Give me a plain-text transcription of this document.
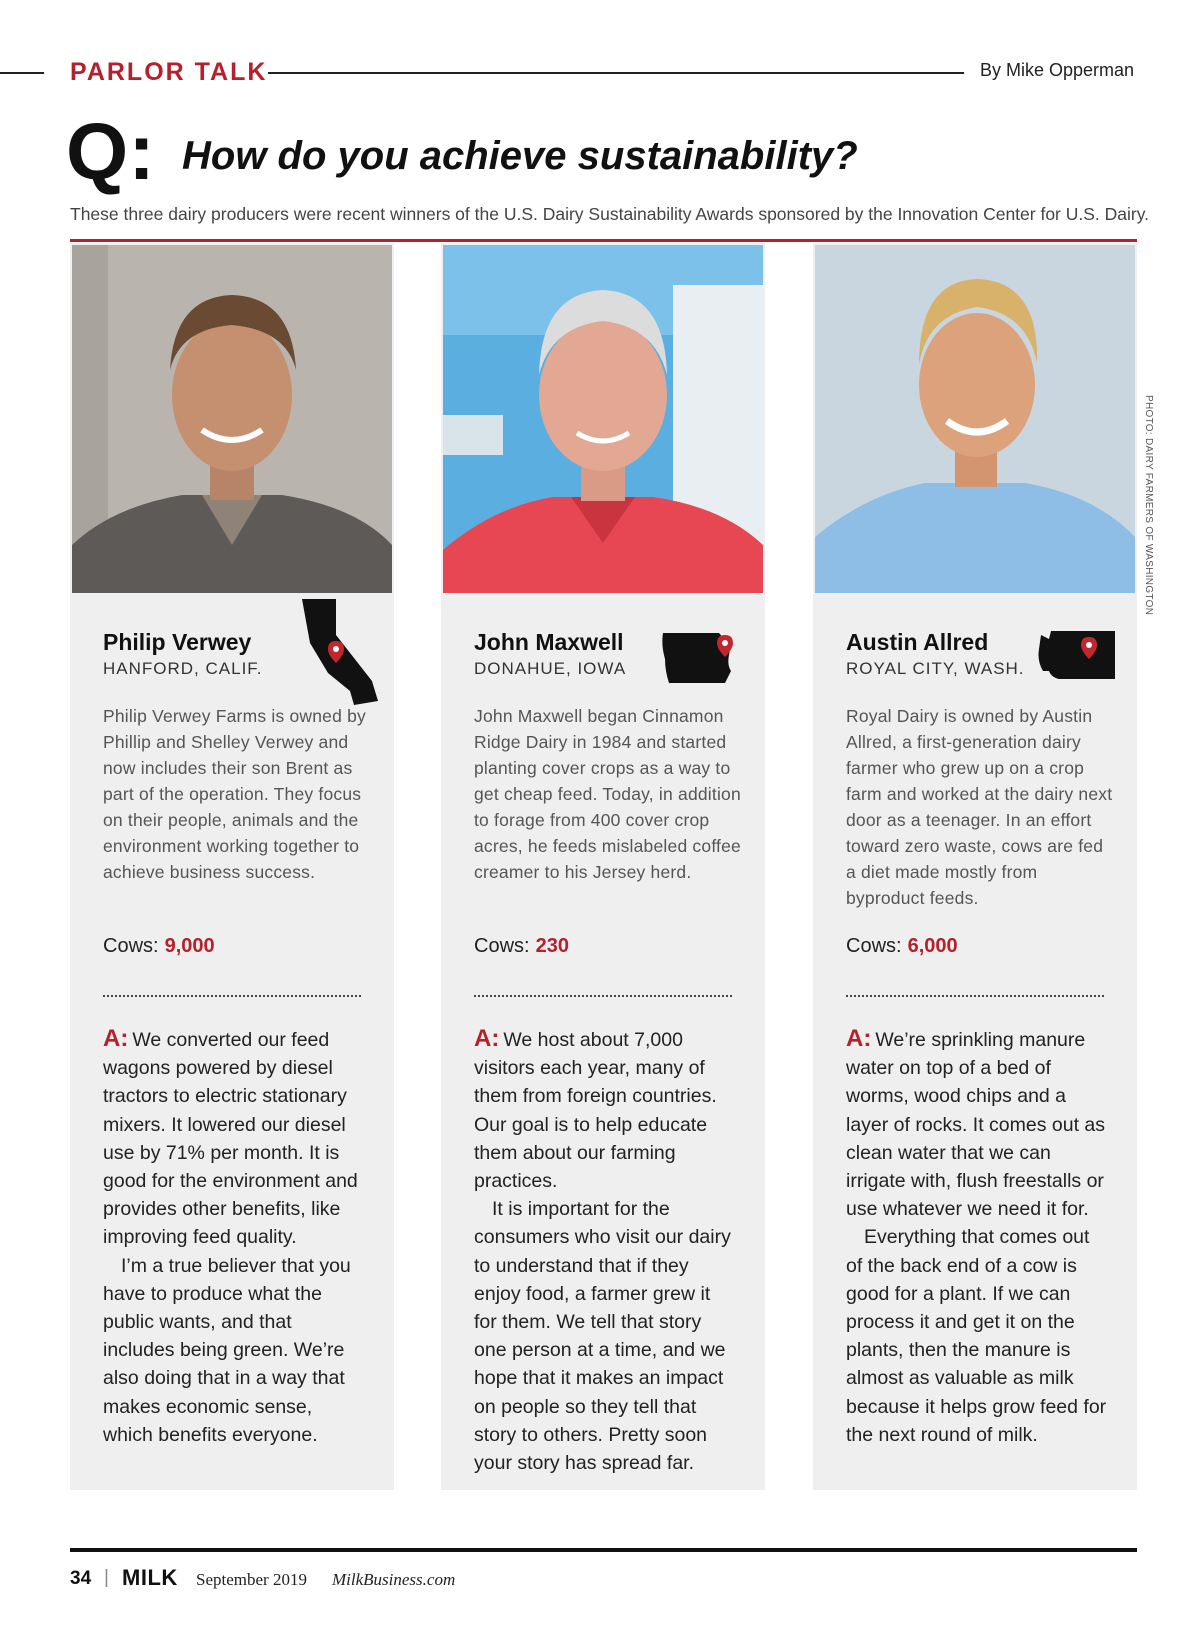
PARLOR TALK	By Mike Opperman
Q: How do you achieve sustainability?
These three dairy producers were recent winners of the U.S. Dairy Sustainability Awards sponsored by the Innovation Center for U.S. Dairy.
PHOTO: DAIRY FARMERS OF WASHINGTON
Philip Verwey
HANFORD, CALIF.
Philip Verwey Farms is owned by Phillip and Shelley Verwey and now includes their son Brent as part of the operation. They focus on their people, animals and the environment working together to achieve business success.
Cows: 9,000

A: We converted our feed wagons powered by diesel tractors to electric stationary mixers. It lowered our diesel use by 71% per month. It is good for the environment and provides other benefits, like improving feed quality.

I’m a true believer that you have to produce what the public wants, and that includes being green. We’re also doing that in a way that makes economic sense, which benefits everyone.

John Maxwell
DONAHUE, IOWA
John Maxwell began Cinnamon Ridge Dairy in 1984 and started planting cover crops as a way to get cheap feed. Today, in addition to forage from 400 cover crop acres, he feeds mislabeled coffee creamer to his Jersey herd.
Cows: 230

A: We host about 7,000 visitors each year, many of them from foreign countries. Our goal is to help educate them about our farming practices.

It is important for the consumers who visit our dairy to understand that if they enjoy food, a farmer grew it for them. We tell that story one person at a time, and we hope that it makes an impact on people so they tell that story to others. Pretty soon your story has spread far.

Austin Allred
ROYAL CITY, WASH.
Royal Dairy is owned by Austin Allred, a first-generation dairy farmer who grew up on a crop farm and worked at the dairy next door as a teenager. In an effort toward zero waste, cows are fed a diet made mostly from byproduct feeds.
Cows: 6,000

A: We’re sprinkling manure water on top of a bed of worms, wood chips and a layer of rocks. It comes out as clean water that we can irrigate with, flush freestalls or use whatever we need it for.

Everything that comes out of the back end of a cow is good for a plant. If we can process it and get it on the plants, then the manure is almost as valuable as milk because it helps grow feed for the next round of milk.

34 | MILK September 2019 MilkBusiness.com
